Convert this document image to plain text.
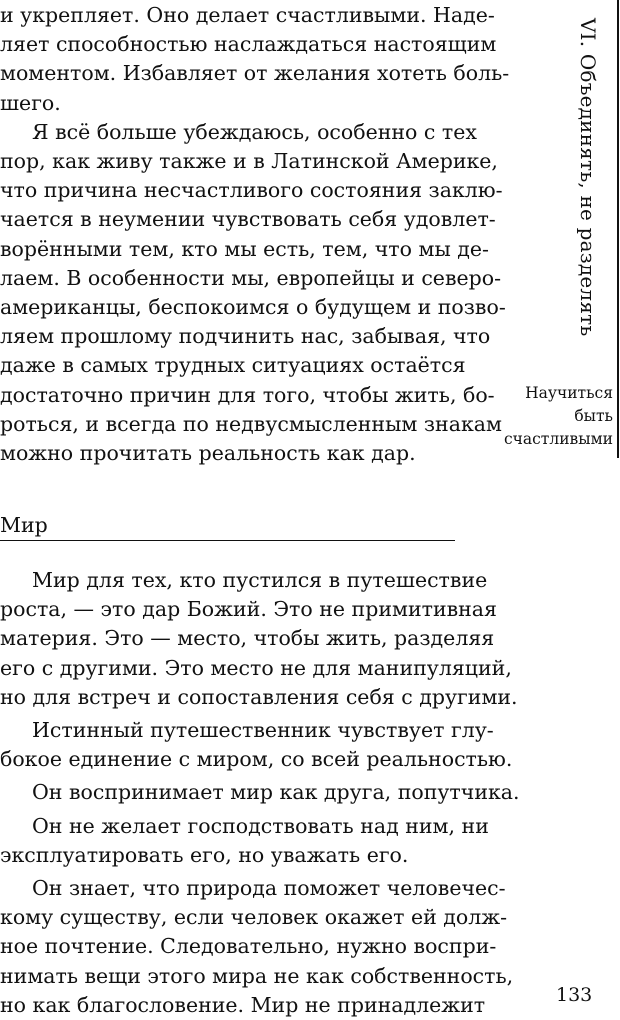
и укрепляет. Оно делает счастливыми. Наде-
ляет способностью наслаждаться настоящим
моментом. Избавляет от желания хотеть боль-
шего.
Я всё больше убеждаюсь, особенно с тех
пор, как живу также и в Латинской Америке,
что причина несчастливого состояния заклю-
чается в неумении чувствовать себя удовлет-
ворёнными тем, кто мы есть, тем, что мы де-
лаем. В особенности мы, европейцы и северо-
американцы, беспокоимся о будущем и позво-
ляем прошлому подчинить нас, забывая, что
даже в самых трудных ситуациях остаётся
достаточно причин для того, чтобы жить, бо-
роться, и всегда по недвусмысленным знакам
можно прочитать реальность как дар.
Мир
Мир для тех, кто пустился в путешествие
роста, — это дар Божий. Это не примитивная
материя. Это — место, чтобы жить, разделяя
его с другими. Это место не для манипуляций,
но для встреч и сопоставления себя с другими.
Истинный путешественник чувствует глу-
бокое единение с миром, со всей реальностью.
Он воспринимает мир как друга, попутчика.
Он не желает господствовать над ним, ни
эксплуатировать его, но уважать его.
Он знает, что природа поможет человечес-
кому существу, если человек окажет ей долж-
ное почтение. Следовательно, нужно воспри-
нимать вещи этого мира не как собственность,
но как благословение. Мир не принадлежит
VI. Объединять, не разделять
Научиться
быть
счастливыми
133
